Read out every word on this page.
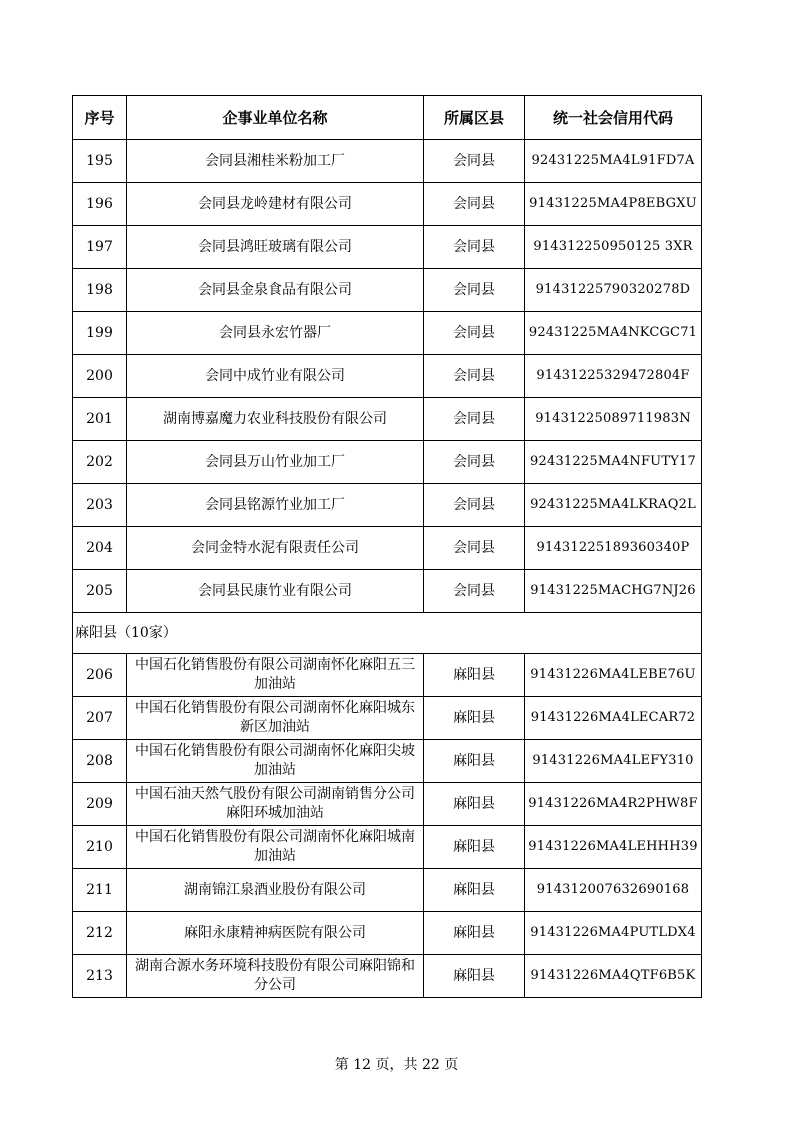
序号	企事业单位名称	所属区县	统一社会信用代码
195	会同县湘桂米粉加工厂	会同县	92431225MA4L91FD7A
196	会同县龙岭建材有限公司	会同县	91431225MA4P8EBGXU
197	会同县鸿旺玻璃有限公司	会同县	914312250950125 3XR
198	会同县金泉食品有限公司	会同县	91431225790320278D
199	会同县永宏竹器厂	会同县	92431225MA4NKCGC71
200	会同中成竹业有限公司	会同县	91431225329472804F
201	湖南博嘉魔力农业科技股份有限公司	会同县	91431225089711983N
202	会同县万山竹业加工厂	会同县	92431225MA4NFUTY17
203	会同县铭源竹业加工厂	会同县	92431225MA4LKRAQ2L
204	会同金特水泥有限责任公司	会同县	91431225189360340P
205	会同县民康竹业有限公司	会同县	91431225MACHG7NJ26
麻阳县（10家）			
206	中国石化销售股份有限公司湖南怀化麻阳五三加油站	麻阳县	91431226MA4LEBE76U
207	中国石化销售股份有限公司湖南怀化麻阳城东新区加油站	麻阳县	91431226MA4LECAR72
208	中国石化销售股份有限公司湖南怀化麻阳尖坡加油站	麻阳县	91431226MA4LEFY310
209	中国石油天然气股份有限公司湖南销售分公司麻阳环城加油站	麻阳县	91431226MA4R2PHW8F
210	中国石化销售股份有限公司湖南怀化麻阳城南加油站	麻阳县	91431226MA4LEHHH39
211	湖南锦江泉酒业股份有限公司	麻阳县	914312007632690168
212	麻阳永康精神病医院有限公司	麻阳县	91431226MA4PUTLDX4
213	湖南合源水务环境科技股份有限公司麻阳锦和分公司	麻阳县	91431226MA4QTF6B5K
第 12 页，共 22 页
